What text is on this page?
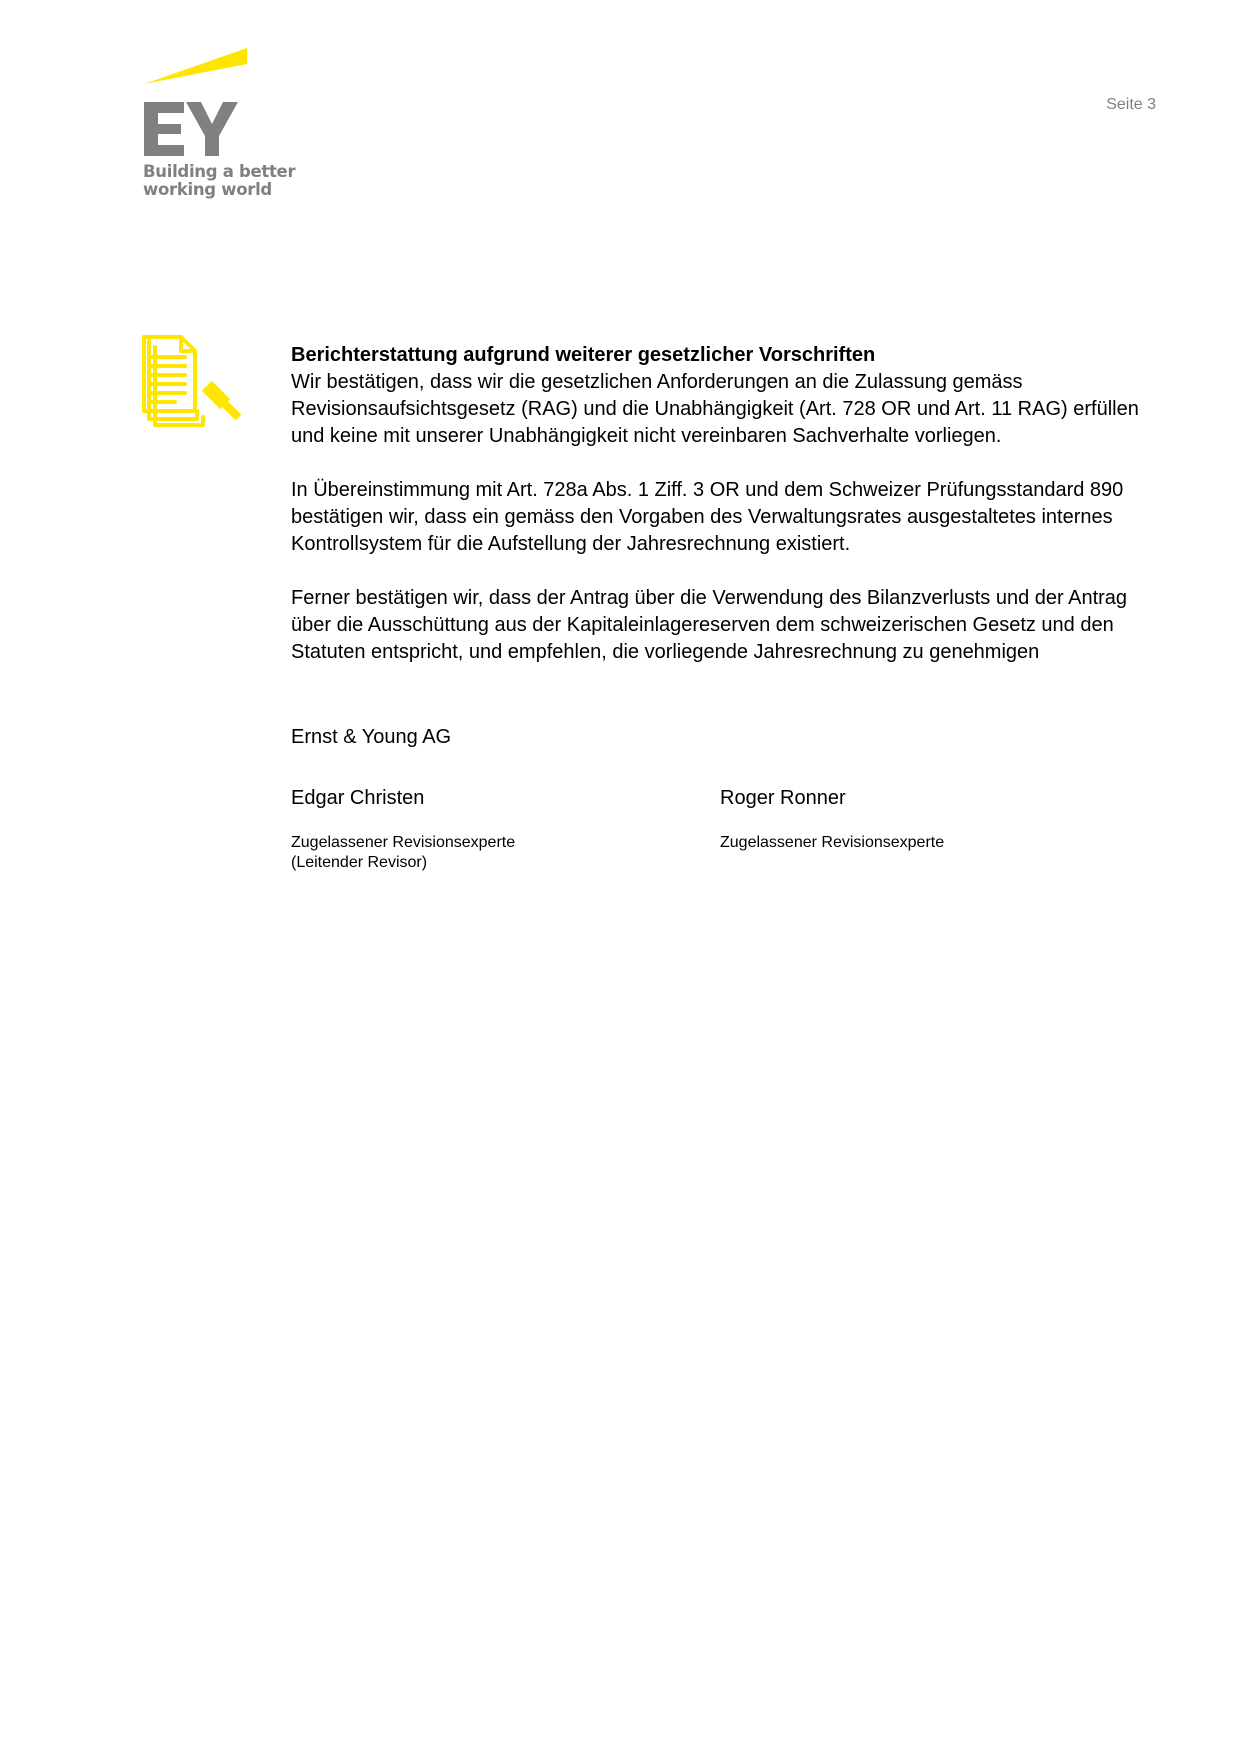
Building a better
working world
Seite 3

Berichterstattung aufgrund weiterer gesetzlicher Vorschriften
Wir bestätigen, dass wir die gesetzlichen Anforderungen an die Zulassung gemäss Revisionsaufsichtsgesetz (RAG) und die Unabhängigkeit (Art. 728 OR und Art. 11 RAG) erfüllen und keine mit unserer Unabhängigkeit nicht vereinbaren Sachverhalte vorliegen.

In Übereinstimmung mit Art. 728a Abs. 1 Ziff. 3 OR und dem Schweizer Prüfungsstandard 890 bestätigen wir, dass ein gemäss den Vorgaben des Verwaltungsrates ausgestaltetes internes Kontrollsystem für die Aufstellung der Jahresrechnung existiert.

Ferner bestätigen wir, dass der Antrag über die Verwendung des Bilanzverlusts und der Antrag über die Ausschüttung aus der Kapitaleinlagereserven dem schweizerischen Gesetz und den Statuten entspricht, und empfehlen, die vorliegende Jahresrechnung zu genehmigen

Ernst & Young AG
Edgar Christen
Zugelassener Revisionsexperte
(Leitender Revisor)
Roger Ronner
Zugelassener Revisionsexperte
